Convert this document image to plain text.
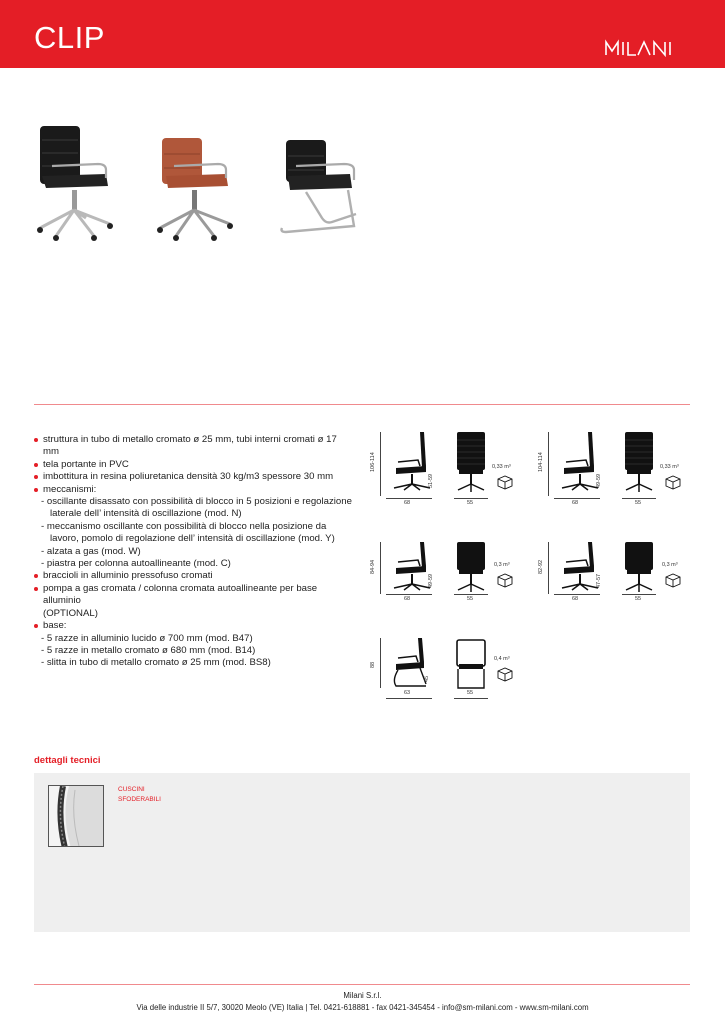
CLIP
struttura in tubo di metallo cromato ø 25 mm, tubi interni cromati ø 17 mm
tela portante in PVC
imbottitura in resina poliuretanica densità 30 kg/m3 spessore 30 mm
meccanismi:
- oscillante disassato con possibilità di blocco in 5 posizioni e regolazione
laterale dell’ intensità di oscillazione (mod. N)
- meccanismo oscillante con possibilità di blocco nella posizione da
lavoro, pomolo di regolazione dell’ intensità di oscillazione (mod. Y)
- alzata a gas (mod. W)
- piastra per colonna autoallineante (mod. C)
braccioli in alluminio pressofuso cromati
pompa a gas cromata / colonna cromata autoallineante per base alluminio
(OPTIONAL)
base:
- 5 razze in alluminio lucido ø 700 mm (mod. B47)
- 5 razze in metallo cromato ø 680 mm (mod. B14)
- slitta in tubo di metallo cromato ø 25 mm (mod. BS8)
106-114
51-59
68	55
0,33 m³	104-114
49-59
68	55
0,33 m³
84-94
49-59
68	55
0,3 m³	82-92
47-57
68	55
0,3 m³
88
45
63	55
0,4 m³
dettagli tecnici
CUSCINI
SFODERABILI
Milani S.r.l.
Via delle industrie II 5/7, 30020 Meolo (VE) Italia | Tel. 0421-618881 - fax 0421-345454 - info@sm-milani.com - www.sm-milani.com
